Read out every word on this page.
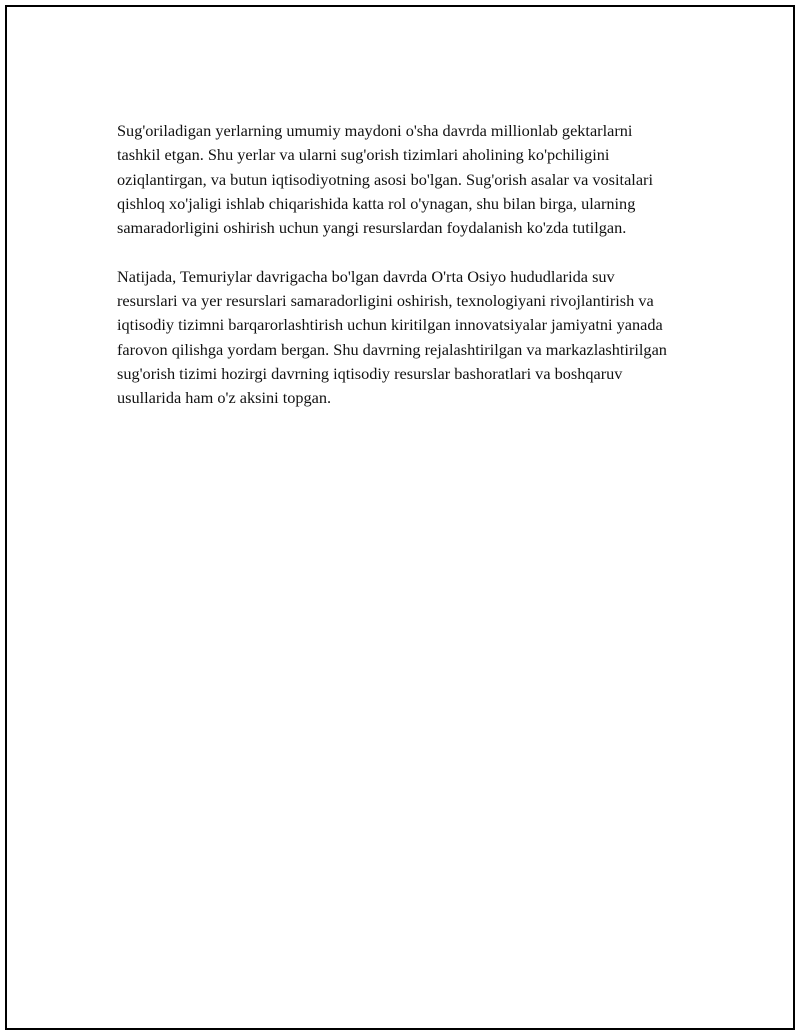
Sug'oriladigan yerlarning umumiy maydoni o'sha davrda millionlab gektarlarni tashkil etgan. Shu yerlar va ularni sug'orish tizimlari aholining ko'pchiligini oziqlantirgan, va butun iqtisodiyotning asosi bo'lgan. Sug'orish asalar va vositalari qishloq xo'jaligi ishlab chiqarishida katta rol o'ynagan, shu bilan birga, ularning samaradorligini oshirish uchun yangi resurslardan foydalanish ko'zda tutilgan.

Natijada, Temuriylar davrigacha bo'lgan davrda O'rta Osiyo hududlarida suv resurslari va yer resurslari samaradorligini oshirish, texnologiyani rivojlantirish va iqtisodiy tizimni barqarorlashtirish uchun kiritilgan innovatsiyalar jamiyatni yanada farovon qilishga yordam bergan. Shu davrning rejalashtirilgan va markazlashtirilgan sug'orish tizimi hozirgi davrning iqtisodiy resurslar bashoratlari va boshqaruv usullarida ham o'z aksini topgan.
